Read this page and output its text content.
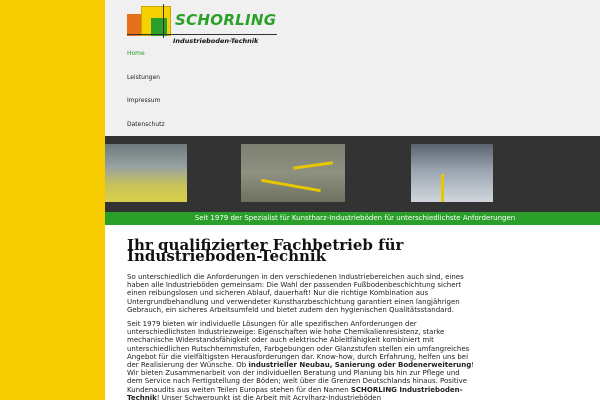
SCHORLING
Industrieboden-Technik
Home
Leistungen
Impressum
Datenschutz
Seit 1979 der Spezialist für Kunstharz-Industrieböden für unterschiedlichste Anforderungen
Ihr qualifizierter Fachbetrieb für Industrieboden-Technik

So unterschiedlich die Anforderungen in den verschiedenen Industriebereichen auch sind, eines haben alle Industrieböden gemeinsam: Die Wahl der passenden Fußbodenbeschichtung sichert einen reibungslosen und sicheren Ablauf, dauerhaft! Nur die richtige Kombination aus Untergrundbehandlung und verwendeter Kunstharzbeschichtung garantiert einen langjährigen Gebrauch, ein sicheres Arbeitsumfeld und bietet zudem den hygienischen Qualitätsstandard.

Seit 1979 bieten wir individuelle Lösungen für alle spezifischen Anforderungen der unterschiedlichsten Industriezweige: Eigenschaften wie hohe Chemikalienresistenz, starke mechanische Widerstandsfähigkeit oder auch elektrische Ableitfähigkeit kombiniert mit unterschiedlichen Rutschhemmstufen, Farbgebungen oder Glanzstufen stellen ein umfangreiches Angebot für die vielfältigsten Herausforderungen dar. Know-how, durch Erfahrung, helfen uns bei der Realisierung der Wünsche. Ob industrieller Neubau, Sanierung oder Bodenerweiterung! Wir bieten Zusammenarbeit von der individuellen Beratung und Planung bis hin zur Pflege und dem Service nach Fertigstellung der Böden; weit über die Grenzen Deutschlands hinaus. Positive Kundenaudits aus weiten Teilen Europas stehen für den Namen SCHORLING Industrieboden-Technik! Unser Schwerpunkt ist die Arbeit mit Acrylharz-Industrieböden
